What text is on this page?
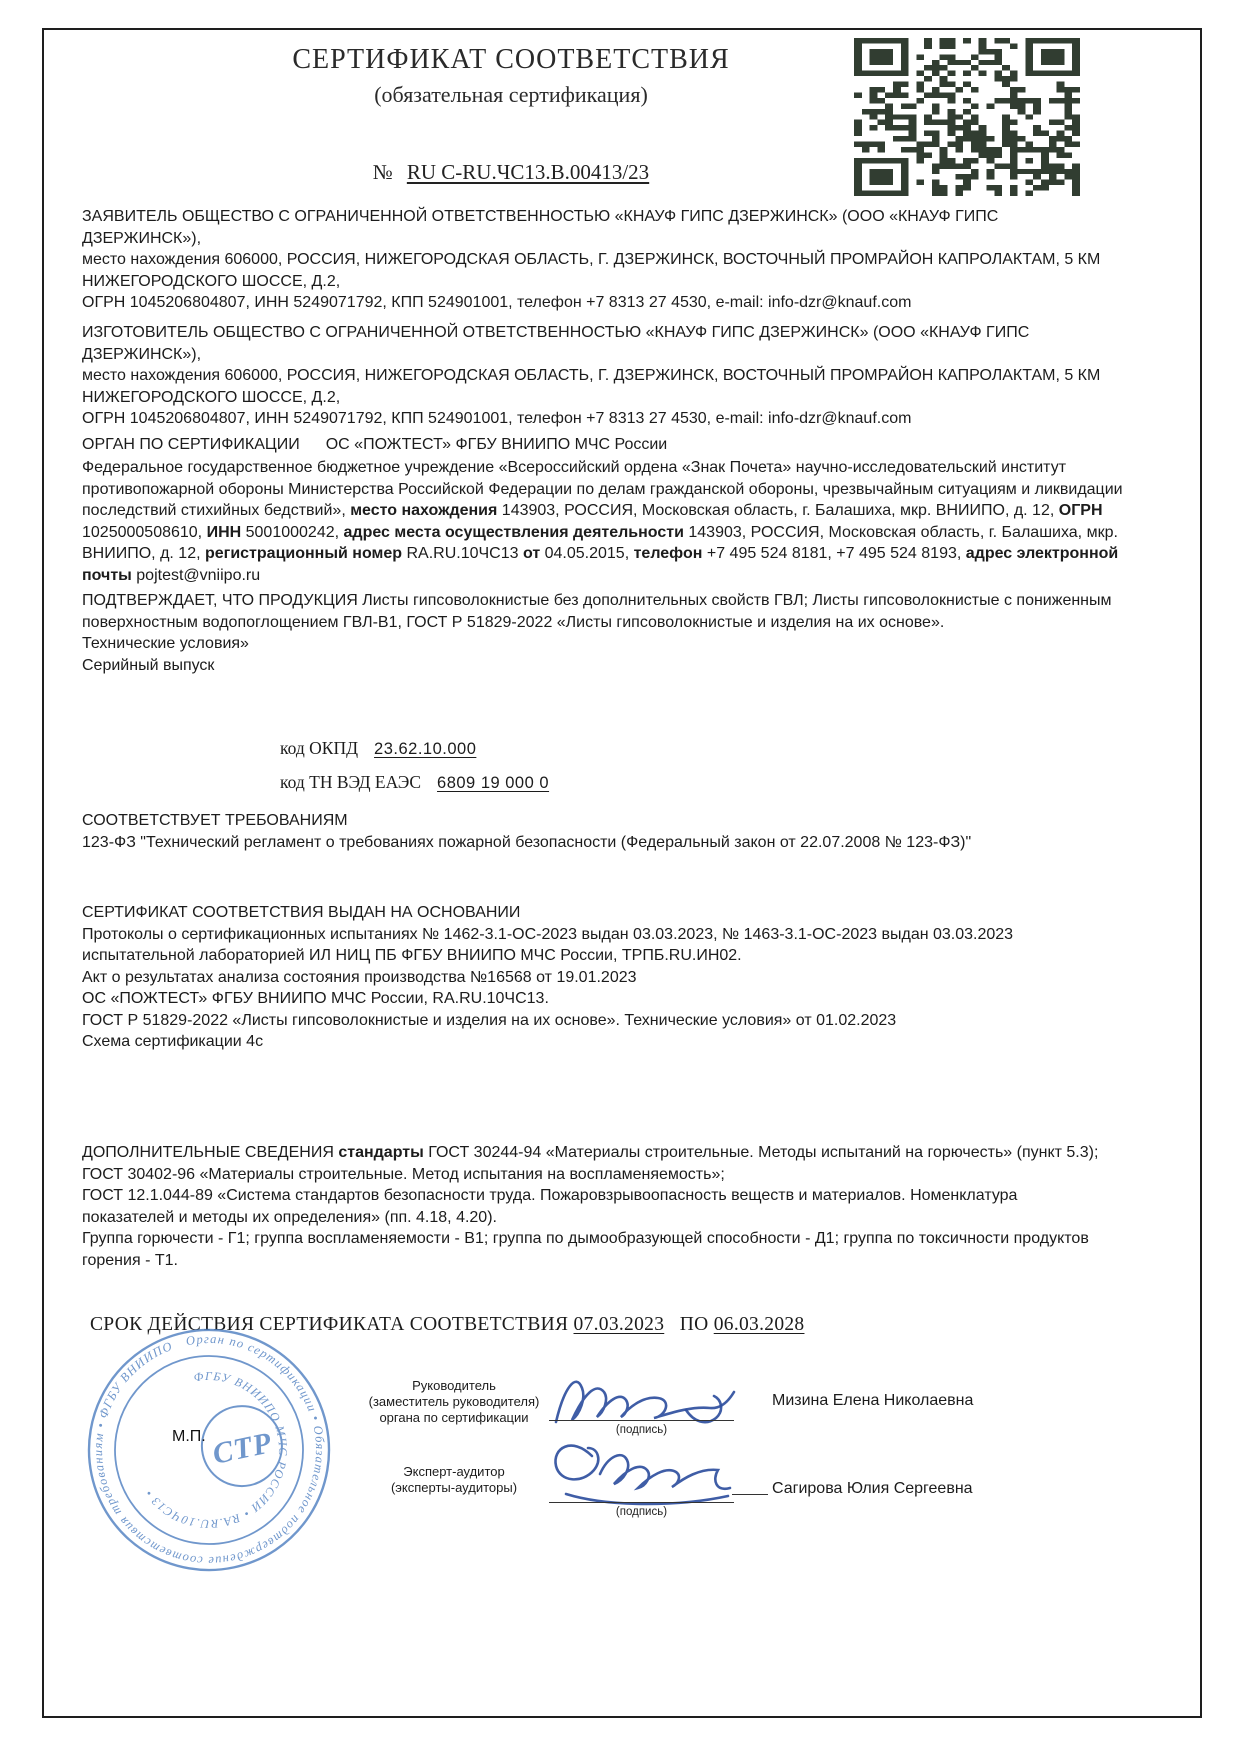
СЕРТИФИКАТ СООТВЕТСТВИЯ
(обязательная сертификация)
№ RU C-RU.ЧС13.В.00413/23
ЗАЯВИТЕЛЬ ОБЩЕСТВО С ОГРАНИЧЕННОЙ ОТВЕТСТВЕННОСТЬЮ «КНАУФ ГИПС ДЗЕРЖИНСК» (ООО «КНАУФ ГИПС ДЗЕРЖИНСК»),
место нахождения 606000, РОССИЯ, НИЖЕГОРОДСКАЯ ОБЛАСТЬ, Г. ДЗЕРЖИНСК, ВОСТОЧНЫЙ ПРОМРАЙОН КАПРОЛАКТАМ, 5 КМ НИЖЕГОРОДСКОГО ШОССЕ, Д.2,
ОГРН 1045206804807, ИНН 5249071792, КПП 524901001, телефон +7 8313 27 4530, e-mail: info-dzr@knauf.com
ИЗГОТОВИТЕЛЬ ОБЩЕСТВО С ОГРАНИЧЕННОЙ ОТВЕТСТВЕННОСТЬЮ «КНАУФ ГИПС ДЗЕРЖИНСК» (ООО «КНАУФ ГИПС ДЗЕРЖИНСК»),
место нахождения 606000, РОССИЯ, НИЖЕГОРОДСКАЯ ОБЛАСТЬ, Г. ДЗЕРЖИНСК, ВОСТОЧНЫЙ ПРОМРАЙОН КАПРОЛАКТАМ, 5 КМ НИЖЕГОРОДСКОГО ШОССЕ, Д.2,
ОГРН 1045206804807, ИНН 5249071792, КПП 524901001, телефон +7 8313 27 4530, e-mail: info-dzr@knauf.com
ОРГАН ПО СЕРТИФИКАЦИИ ОС «ПОЖТЕСТ» ФГБУ ВНИИПО МЧС России
Федеральное государственное бюджетное учреждение «Всероссийский ордена «Знак Почета» научно-исследовательский институт противопожарной обороны Министерства Российской Федерации по делам гражданской обороны, чрезвычайным ситуациям и ликвидации последствий стихийных бедствий», место нахождения 143903, РОССИЯ, Московская область, г. Балашиха, мкр. ВНИИПО, д. 12, ОГРН 1025000508610, ИНН 5001000242, адрес места осуществления деятельности 143903, РОССИЯ, Московская область, г. Балашиха, мкр. ВНИИПО, д. 12, регистрационный номер RA.RU.10ЧС13 от 04.05.2015, телефон +7 495 524 8181, +7 495 524 8193, адрес электронной почты pojtest@vniipo.ru
ПОДТВЕРЖДАЕТ, ЧТО ПРОДУКЦИЯ Листы гипсоволокнистые без дополнительных свойств ГВЛ; Листы гипсоволокнистые с пониженным поверхностным водопоглощением ГВЛ-В1, ГОСТ Р 51829-2022 «Листы гипсоволокнистые и изделия на их основе».
Технические условия»
Серийный выпуск
код ОКПД 23.62.10.000
код ТН ВЭД ЕАЭС 6809 19 000 0
СООТВЕТСТВУЕТ ТРЕБОВАНИЯМ
123-ФЗ "Технический регламент о требованиях пожарной безопасности (Федеральный закон от 22.07.2008 № 123-ФЗ)"
СЕРТИФИКАТ СООТВЕТСТВИЯ ВЫДАН НА ОСНОВАНИИ
Протоколы о сертификационных испытаниях № 1462-3.1-ОС-2023 выдан 03.03.2023, № 1463-3.1-ОС-2023 выдан 03.03.2023 испытательной лабораторией ИЛ НИЦ ПБ ФГБУ ВНИИПО МЧС России, ТРПБ.RU.ИН02.
Акт о результатах анализа состояния производства №16568 от 19.01.2023
ОС «ПОЖТЕСТ» ФГБУ ВНИИПО МЧС России, RA.RU.10ЧС13.
ГОСТ Р 51829-2022 «Листы гипсоволокнистые и изделия на их основе». Технические условия» от 01.02.2023
Схема сертификации 4с
ДОПОЛНИТЕЛЬНЫЕ СВЕДЕНИЯ стандарты ГОСТ 30244-94 «Материалы строительные. Методы испытаний на горючесть» (пункт 5.3);
ГОСТ 30402-96 «Материалы строительные. Метод испытания на воспламеняемость»;
ГОСТ 12.1.044-89 «Система стандартов безопасности труда. Пожаровзрывоопасность веществ и материалов. Номенклатура показателей и методы их определения» (пп. 4.18, 4.20).
Группа горючести - Г1; группа воспламеняемости - В1; группа по дымообразующей способности - Д1; группа по токсичности продуктов горения - Т1.
СРОК ДЕЙСТВИЯ СЕРТИФИКАТА СООТВЕТСТВИЯ 07.03.2023   ПО 06.03.2028
Орган по сертификации • Обязательное подтверждение соответствия требованиям • ФГБУ ВНИИПО
ФГБУ ВНИИПО МЧС РОССИИ • RA.RU.10ЧС13 •
СТР
М.П.
Руководитель
(заместитель руководителя)
органа по сертификации
(подпись)
Мизина Елена Николаевна
Эксперт-аудитор
(эксперты-аудиторы)
(подпись)
Сагирова Юлия Сергеевна
